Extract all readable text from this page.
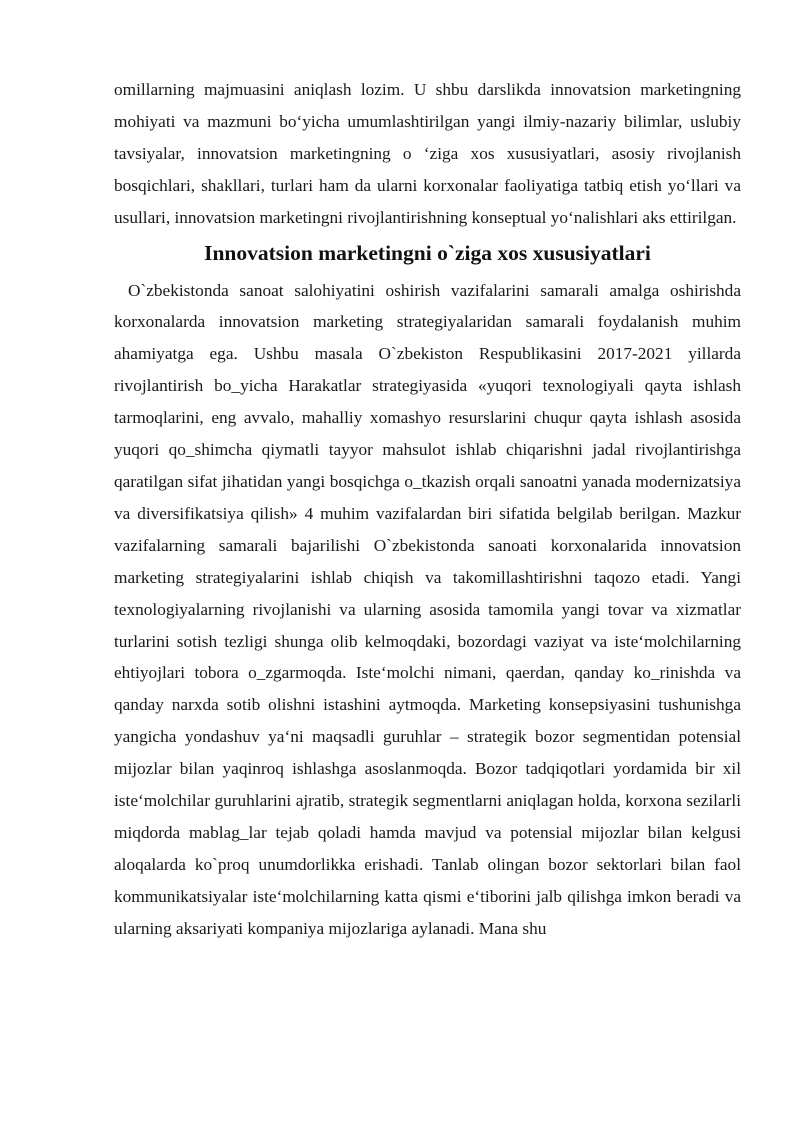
omillarning majmuasini aniqlash lozim. U shbu darslikda innovatsion marketingning mohiyati va mazmuni bo‘yicha umumlashtirilgan yangi ilmiy-nazariy bilimlar, uslubiy tavsiyalar, innovatsion marketingning o ‘ziga xos xususiyatlari, asosiy rivojlanish bosqichlari, shakllari, turlari ham da ularni korxonalar faoliyatiga tatbiq etish yo‘llari va usullari, innovatsion marketingni rivojlantirishning konseptual yo‘nalishlari aks ettirilgan.

Innovatsion marketingni o`ziga xos xususiyatlari

O`zbekistonda sanoat salohiyatini oshirish vazifalarini samarali amalga oshirishda korxonalarda innovatsion marketing strategiyalaridan samarali foydalanish muhim ahamiyatga ega. Ushbu masala O`zbekiston Respublikasini 2017-2021 yillarda rivojlantirish bo_yicha Harakatlar strategiyasida «yuqori texnologiyali qayta ishlash tarmoqlarini, eng avvalo, mahalliy xomashyo resurslarini chuqur qayta ishlash asosida yuqori qo_shimcha qiymatli tayyor mahsulot ishlab chiqarishni jadal rivojlantirishga qaratilgan sifat jihatidan yangi bosqichga o_tkazish orqali sanoatni yanada modernizatsiya va diversifikatsiya qilish» 4 muhim vazifalardan biri sifatida belgilab berilgan. Mazkur vazifalarning samarali bajarilishi O`zbekistonda sanoati korxonalarida innovatsion marketing strategiyalarini ishlab chiqish va takomillashtirishni taqozo etadi. Yangi texnologiyalarning rivojlanishi va ularning asosida tamomila yangi tovar va xizmatlar turlarini sotish tezligi shunga olib kelmoqdaki, bozordagi vaziyat va iste‘molchilarning ehtiyojlari tobora o_zgarmoqda. Iste‘molchi nimani, qaerdan, qanday ko_rinishda va qanday narxda sotib olishni istashini aytmoqda. Marketing konsepsiyasini tushunishga yangicha yondashuv ya‘ni maqsadli guruhlar – strategik bozor segmentidan potensial mijozlar bilan yaqinroq ishlashga asoslanmoqda. Bozor tadqiqotlari yordamida bir xil iste‘molchilar guruhlarini ajratib, strategik segmentlarni aniqlagan holda, korxona sezilarli miqdorda mablag_lar tejab qoladi hamda mavjud va potensial mijozlar bilan kelgusi aloqalarda ko`proq unumdorlikka erishadi. Tanlab olingan bozor sektorlari bilan faol kommunikatsiyalar iste‘molchilarning katta qismi e‘tiborini jalb qilishga imkon beradi va ularning aksariyati kompaniya mijozlariga aylanadi. Mana shu
